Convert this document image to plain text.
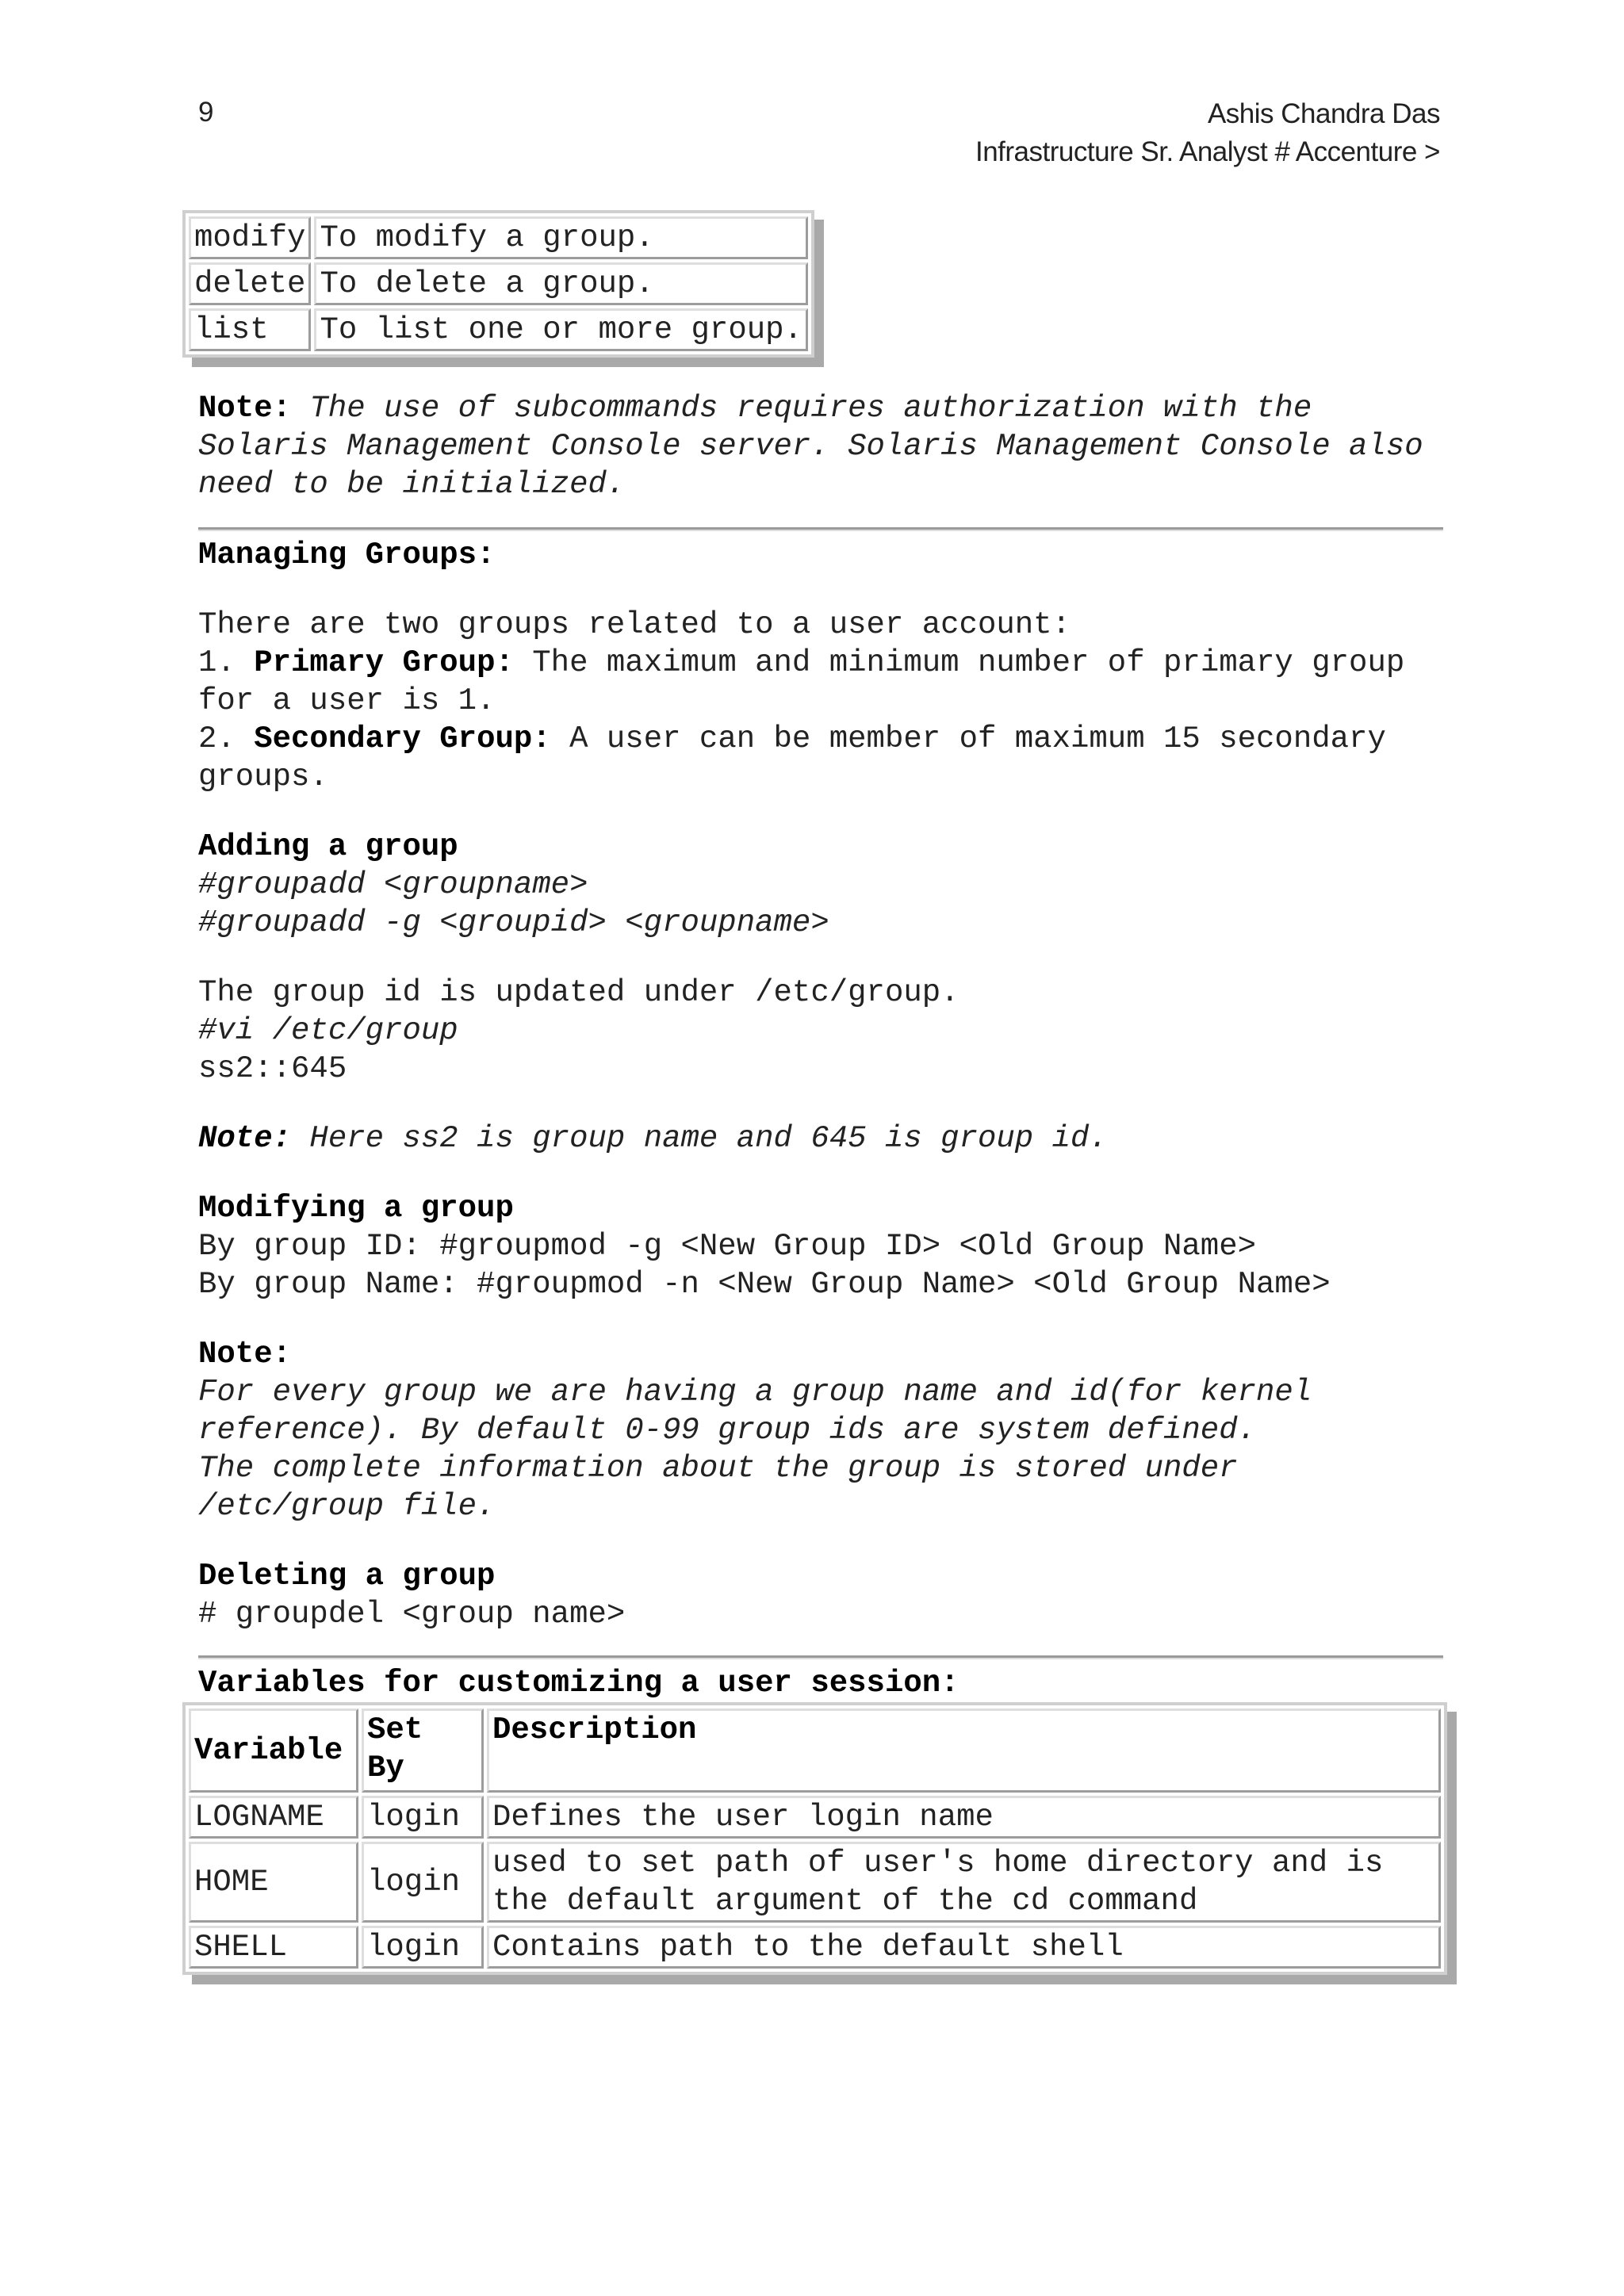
9	Ashis Chandra Das
Infrastructure Sr. Analyst # Accenture >
modify	To modify a group.
delete	To delete a group.
list	To list one or more group.

Note: The use of subcommands requires authorization with the Solaris Management Console server. Solaris Management Console also need to be initialized.

Managing Groups:

There are two groups related to a user account:

1. Primary Group: The maximum and minimum number of primary group for a user is 1.

2. Secondary Group: A user can be member of maximum 15 secondary groups.

Adding a group

#groupadd <groupname>

#groupadd -g <groupid> <groupname>

The group id is updated under /etc/group.

#vi /etc/group

ss2::645

Note: Here ss2 is group name and 645 is group id.

Modifying a group

By group ID: #groupmod -g <New Group ID> <Old Group Name>

By group Name: #groupmod -n <New Group Name> <Old Group Name>

Note:

For every group we are having a group name and id(for kernel

reference). By default 0-99 group ids are system defined.

The complete information about the group is stored under

/etc/group file.

Deleting a group

# groupdel <group name>

Variables for customizing a user session:

Variable	Set By	Description
LOGNAME	login	Defines the user login name
HOME	login	used to set path of user's home directory and is the default argument of the cd command
SHELL	login	Contains path to the default shell
